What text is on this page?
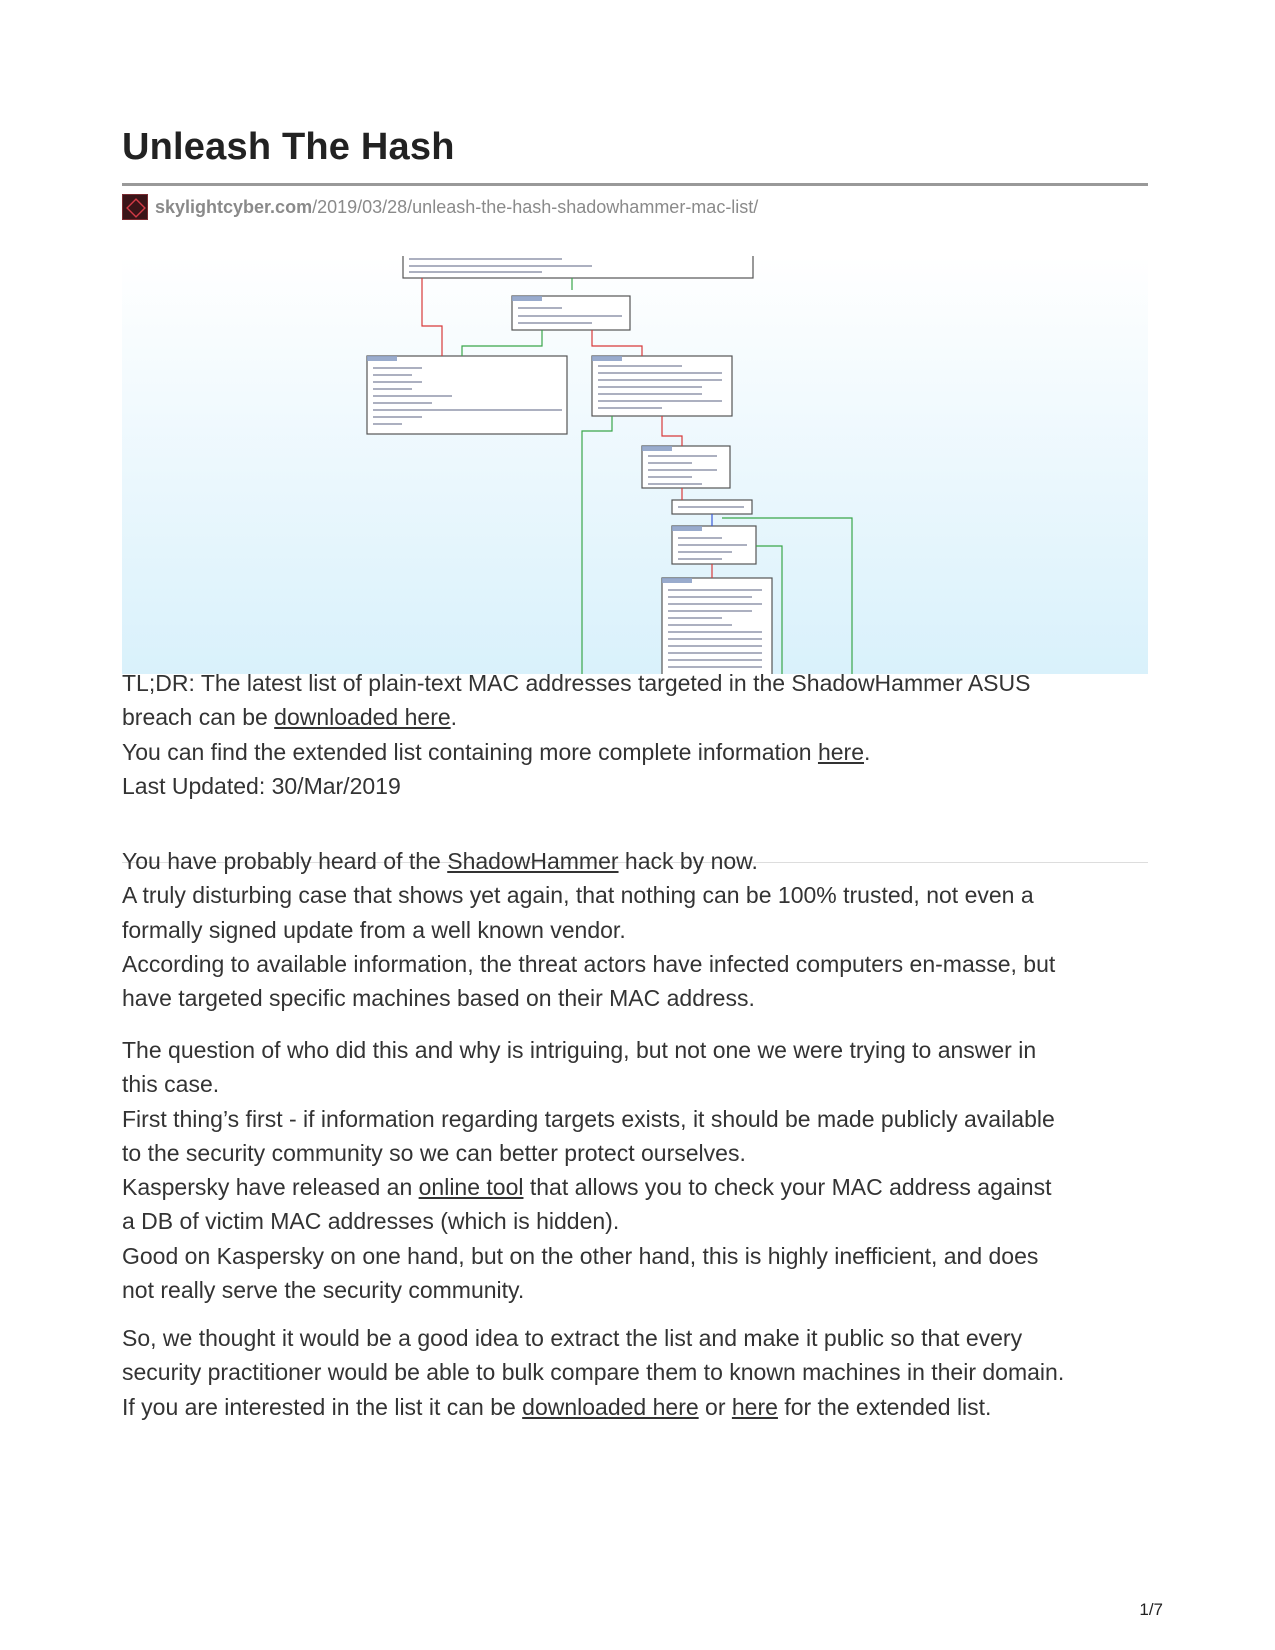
Unleash The Hash
skylightcyber.com /2019/03/28/unleash-the-hash-shadowhammer-mac-list/

TL;DR: The latest list of plain-text MAC addresses targeted in the ShadowHammer ASUS
breach can be downloaded here.
You can find the extended list containing more complete information here.
Last Updated: 30/Mar/2019

You have probably heard of the ShadowHammer hack by now.
A truly disturbing case that shows yet again, that nothing can be 100% trusted, not even a
formally signed update from a well known vendor.
According to available information, the threat actors have infected computers en-masse, but
have targeted specific machines based on their MAC address.

The question of who did this and why is intriguing, but not one we were trying to answer in
this case.
First thing’s first - if information regarding targets exists, it should be made publicly available
to the security community so we can better protect ourselves.
Kaspersky have released an online tool that allows you to check your MAC address against
a DB of victim MAC addresses (which is hidden).
Good on Kaspersky on one hand, but on the other hand, this is highly inefficient, and does
not really serve the security community.

So, we thought it would be a good idea to extract the list and make it public so that every
security practitioner would be able to bulk compare them to known machines in their domain.
If you are interested in the list it can be downloaded here or here for the extended list.

1/7
